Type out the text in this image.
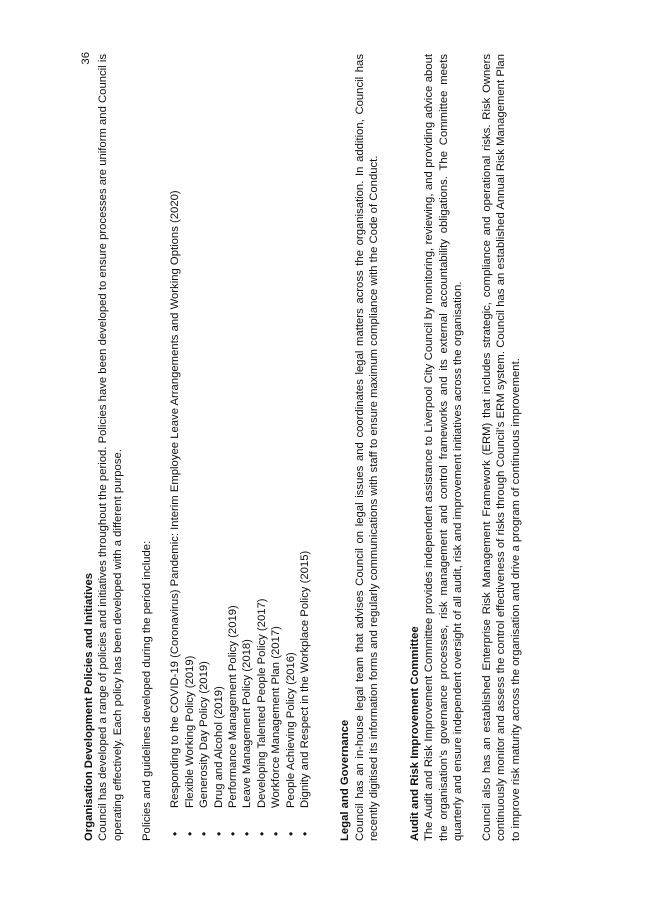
36

Organisation Development Policies and Initiatives Council has developed a range of policies and initiatives throughout the period. Policies have been developed to ensure processes are uniform and Council is operating effectively. Each policy has been developed with a different purpose. Policies and guidelines developed during the period include: • Responding to the COVID-19 (Coronavirus) Pandemic: Interim Employee Leave Arrangements and Working Options (2020) • Flexible Working Policy (2019) • Generosity Day Policy (2019) • Drug and Alcohol (2019) • Performance Management Policy (2019) • Leave Management Policy (2018) • Developing Talented People Policy (2017) • Workforce Management Plan (2017) • People Achieving Policy (2016) • Dignity and Respect in the Workplace Policy (2015)	Legal and Governance Council has an in-house legal team that advises Council on legal issues and coordinates legal matters across the organisation. In addition, Council has recently digitised its information forms and regularly communications with staff to ensure maximum compliance with the Code of Conduct.	Audit and Risk Improvement Committee The Audit and Risk Improvement Committee provides independent assistance to Liverpool City Council by monitoring, reviewing, and providing advice about the organisation’s governance processes, risk management and control frameworks and its external accountability obligations. The Committee meets quarterly and ensure independent oversight of all audit, risk and improvement initiatives across the organisation. Council also has an established Enterprise Risk Management Framework (ERM) that includes strategic, compliance and operational risks. Risk Owners continuously monitor and assess the control effectiveness of risks through Council’s ERM system. Council has an established Annual Risk Management Plan to improve risk maturity across the organisation and drive a program of continuous improvement.
